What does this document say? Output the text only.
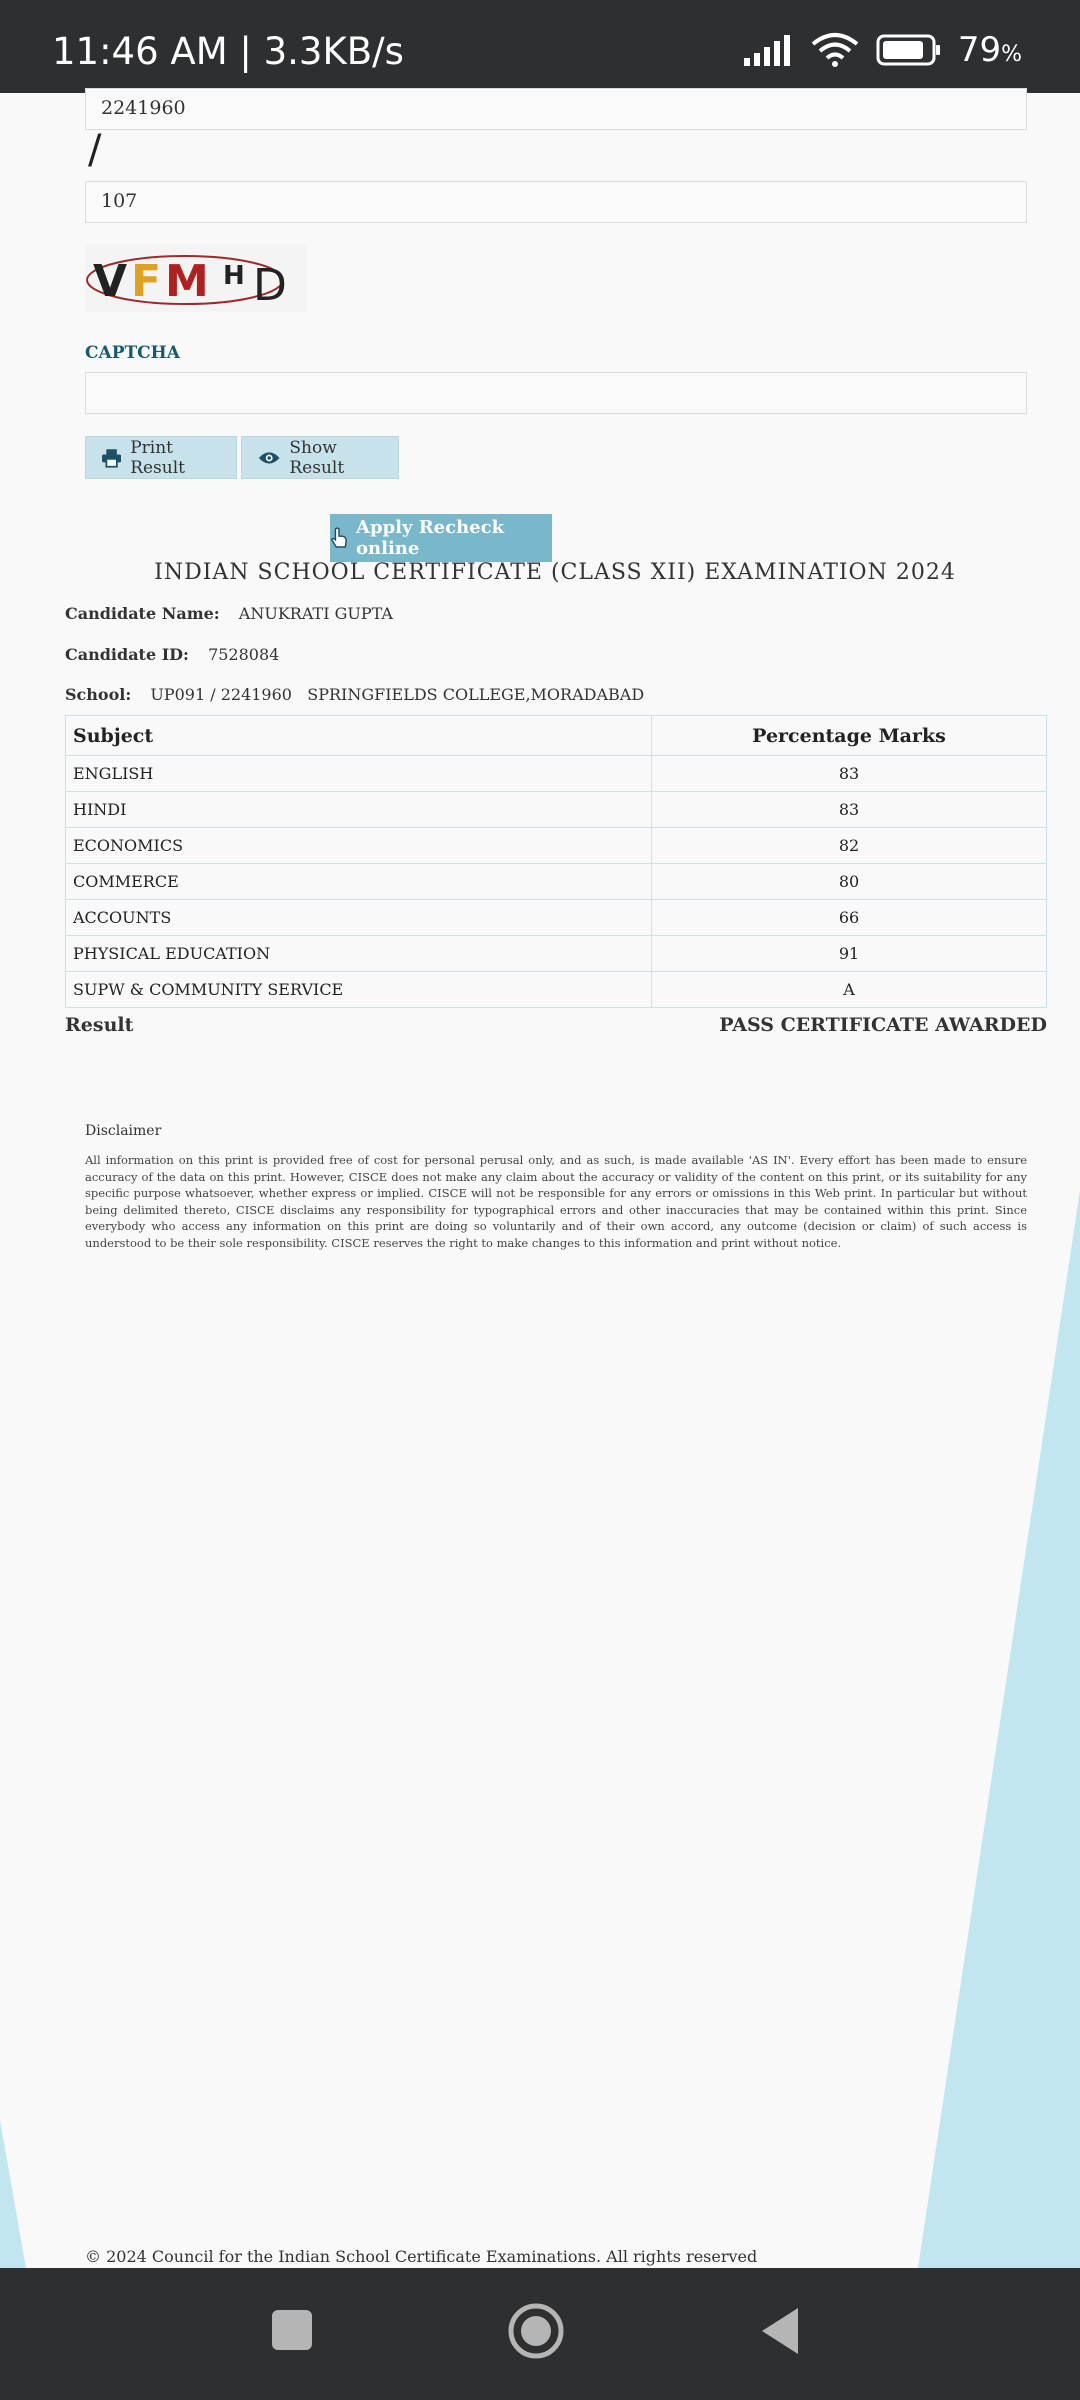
11:46 AM | 3.3KB/s	79%
2241960
/
107
V F M H D
CAPTCHA
Print Result
Show Result
Apply Recheck online
INDIAN SCHOOL CERTIFICATE (CLASS XII) EXAMINATION 2024
Candidate Name: ANUKRATI GUPTA
Candidate ID: 7528084
School: UP091 / 2241960   SPRINGFIELDS COLLEGE,MORADABAD
Subject	Percentage Marks
ENGLISH	83
HINDI	83
ECONOMICS	82
COMMERCE	80
ACCOUNTS	66
PHYSICAL EDUCATION	91
SUPW & COMMUNITY SERVICE	A
Result	PASS CERTIFICATE AWARDED
Disclaimer
All information on this print is provided free of cost for personal perusal only, and as such, is made available 'AS IN'. Every effort has been made to ensure accuracy of the data on this print. However, CISCE does not make any claim about the accuracy or validity of the content on this print, or its suitability for any specific purpose whatsoever, whether express or implied. CISCE will not be responsible for any errors or omissions in this Web print. In particular but without being delimited thereto, CISCE disclaims any responsibility for typographical errors and other inaccuracies that may be contained within this print. Since everybody who access any information on this print are doing so voluntarily and of their own accord, any outcome (decision or claim) of such access is understood to be their sole responsibility. CISCE reserves the right to make changes to this information and print without notice.
© 2024 Council for the Indian School Certificate Examinations. All rights reserved
